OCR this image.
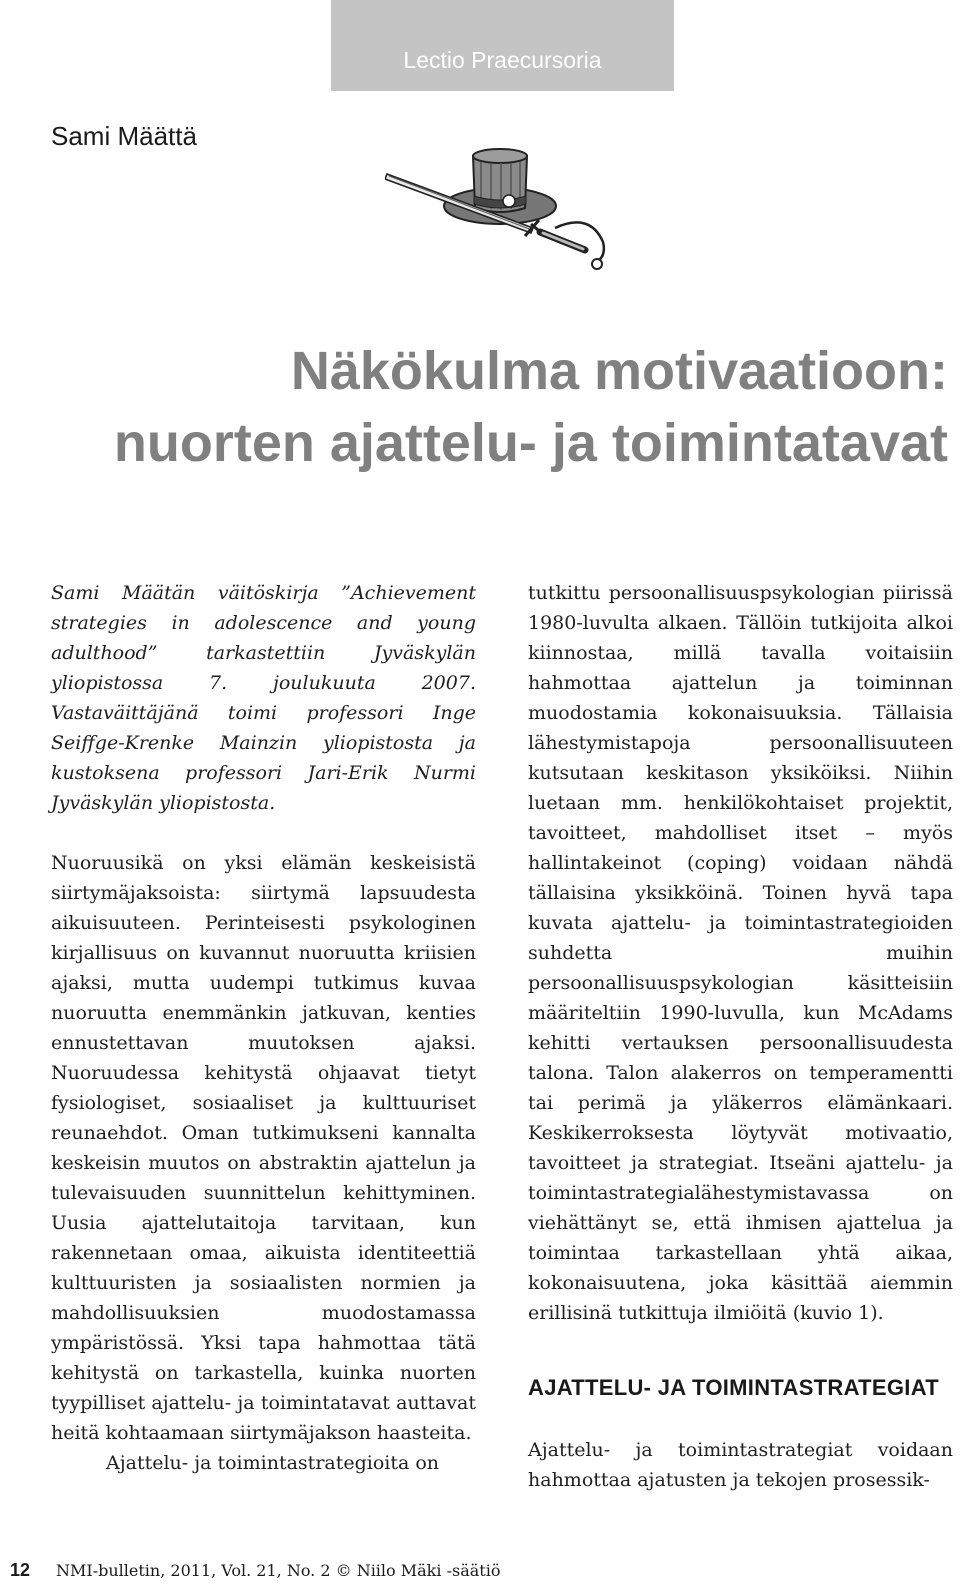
Lectio Praecursoria
Sami Määttä
Näkökulma motivaatioon:
nuorten ajattelu- ja toimintatavat

Sami Määtän väitöskirja ”Achievement strategies in adolescence and young adulthood” tarkastettiin Jyväskylän yliopistossa 7. joulukuuta 2007. Vastaväittäjänä toimi professori Inge Seiffge-Krenke Mainzin yliopistosta ja kustoksena professori Jari-Erik Nurmi Jyväskylän yliopistosta.

Nuoruusikä on yksi elämän keskeisistä siirtymäjaksoista: siirtymä lapsuudesta aikuisuuteen. Perinteisesti psykologinen kirjallisuus on kuvannut nuoruutta kriisien ajaksi, mutta uudempi tutkimus kuvaa nuoruutta enemmänkin jatkuvan, kenties ennustettavan muutoksen ajaksi. Nuoruudessa kehitystä ohjaavat tietyt fysiologiset, sosiaaliset ja kulttuuriset reunaehdot. Oman tutkimukseni kannalta keskeisin muutos on abstraktin ajattelun ja tulevaisuuden suunnittelun kehittyminen. Uusia ajattelutaitoja tarvitaan, kun rakennetaan omaa, aikuista identiteettiä kulttuuristen ja sosiaalisten normien ja mahdollisuuksien muodostamassa ympäristössä. Yksi tapa hahmottaa tätä kehitystä on tarkastella, kuinka nuorten tyypilliset ajattelu- ja toimintatavat auttavat heitä kohtaamaan siirtymäjakson haasteita.

Ajattelu- ja toimintastrategioita on

tutkittu persoonallisuuspsykologian piirissä 1980-luvulta alkaen. Tällöin tutkijoita alkoi kiinnostaa, millä tavalla voitaisiin hahmottaa ajattelun ja toiminnan muodostamia kokonaisuuksia. Tällaisia lähestymistapoja persoonallisuuteen kutsutaan keskitason yksiköiksi. Niihin luetaan mm. henkilökohtaiset projektit, tavoitteet, mahdolliset itset – myös hallintakeinot (coping) voidaan nähdä tällaisina yksikköinä. Toinen hyvä tapa kuvata ajattelu- ja toimintastrategioiden suhdetta muihin persoonallisuuspsykologian käsitteisiin määriteltiin 1990-luvulla, kun McAdams kehitti vertauksen persoonallisuudesta talona. Talon alakerros on temperamentti tai perimä ja yläkerros elämänkaari. Keskikerroksesta löytyvät motivaatio, tavoitteet ja strategiat. Itseäni ajattelu- ja toimintastrategialähestymistavassa on viehättänyt se, että ihmisen ajattelua ja toimintaa tarkastellaan yhtä aikaa, kokonaisuutena, joka käsittää aiemmin erillisinä tutkittuja ilmiöitä (kuvio 1).

AJATTELU- JA TOIMINTASTRATEGIAT

Ajattelu- ja toimintastrategiat voidaan hahmottaa ajatusten ja tekojen prosessik-

12 NMI-bulletin, 2011, Vol. 21, No. 2 © Niilo Mäki -säätiö
